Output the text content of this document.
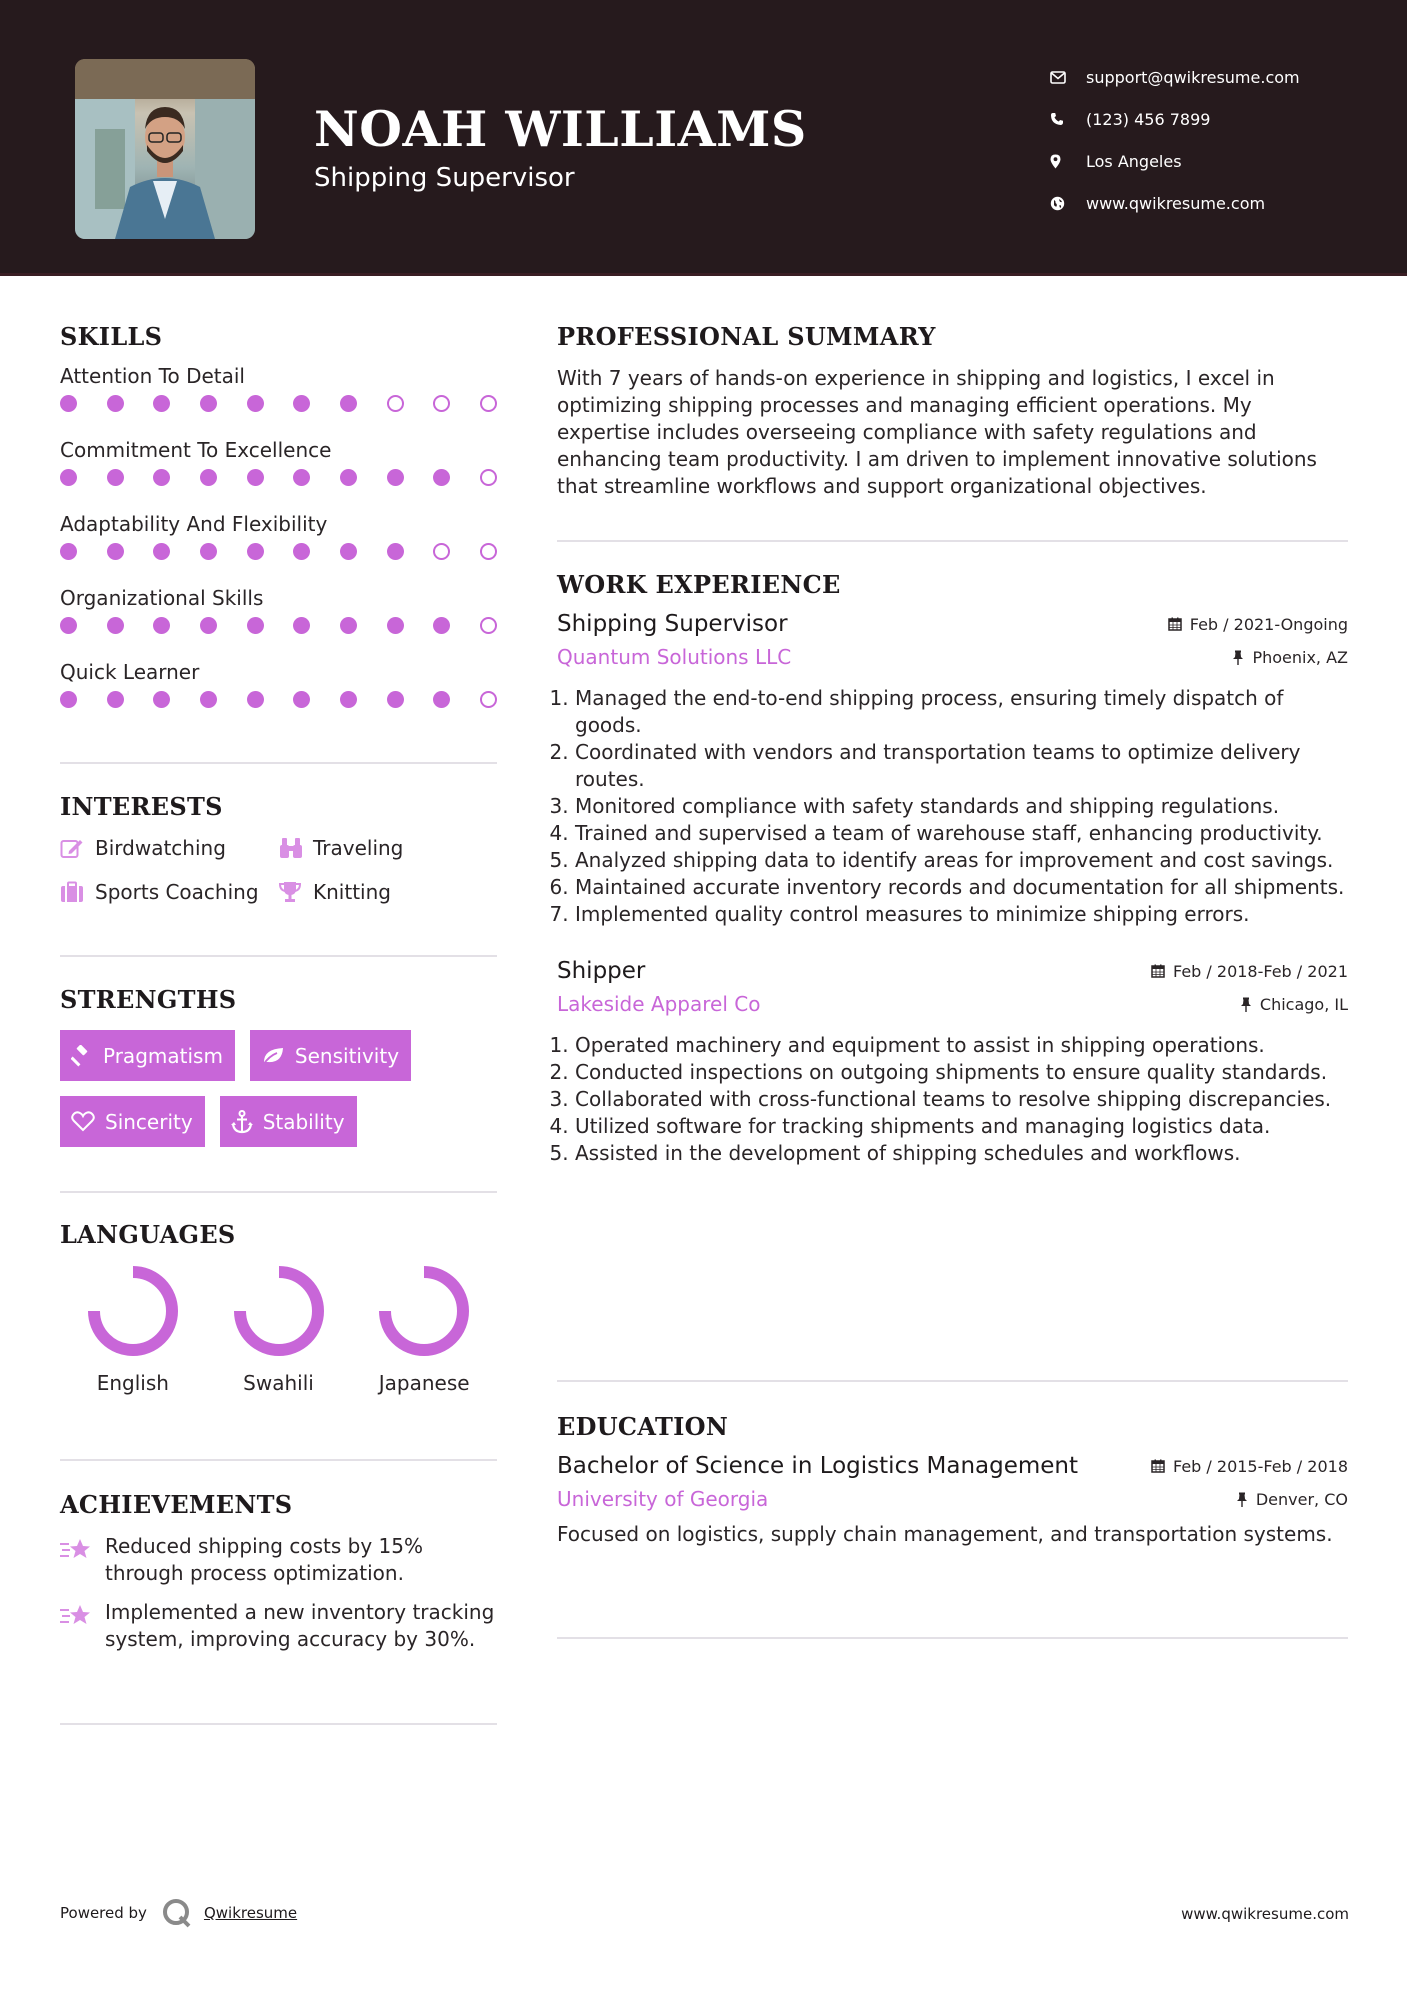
NOAH WILLIAMS
Shipping Supervisor
support@qwikresume.com
(123) 456 7899
Los Angeles
www.qwikresume.com
SKILLS
Attention To Detail
Commitment To Excellence
Adaptability And Flexibility
Organizational Skills
Quick Learner
INTERESTS
Birdwatching	Traveling
Sports Coaching	Knitting
STRENGTHS
Pragmatism	Sensitivity
Sincerity	Stability
LANGUAGES
English	Swahili	Japanese
ACHIEVEMENTS
Reduced shipping costs by 15% through process optimization.
Implemented a new inventory tracking system, improving accuracy by 30%.
PROFESSIONAL SUMMARY
With 7 years of hands-on experience in shipping and logistics, I excel in optimizing shipping processes and managing efficient operations. My expertise includes overseeing compliance with safety regulations and enhancing team productivity. I am driven to implement innovative solutions that streamline workflows and support organizational objectives.
WORK EXPERIENCE
Shipping Supervisor	Feb / 2021-Ongoing
Quantum Solutions LLC	Phoenix, AZ
1. Managed the end-to-end shipping process, ensuring timely dispatch of goods.
2. Coordinated with vendors and transportation teams to optimize delivery routes.
3. Monitored compliance with safety standards and shipping regulations.
4. Trained and supervised a team of warehouse staff, enhancing productivity.
5. Analyzed shipping data to identify areas for improvement and cost savings.
6. Maintained accurate inventory records and documentation for all shipments.
7. Implemented quality control measures to minimize shipping errors.
Shipper	Feb / 2018-Feb / 2021
Lakeside Apparel Co	Chicago, IL
1. Operated machinery and equipment to assist in shipping operations.
2. Conducted inspections on outgoing shipments to ensure quality standards.
3. Collaborated with cross-functional teams to resolve shipping discrepancies.
4. Utilized software for tracking shipments and managing logistics data.
5. Assisted in the development of shipping schedules and workflows.
EDUCATION
Bachelor of Science in Logistics Management	Feb / 2015-Feb / 2018
University of Georgia	Denver, CO
Focused on logistics, supply chain management, and transportation systems.
Powered by	Qwikresume	www.qwikresume.com
